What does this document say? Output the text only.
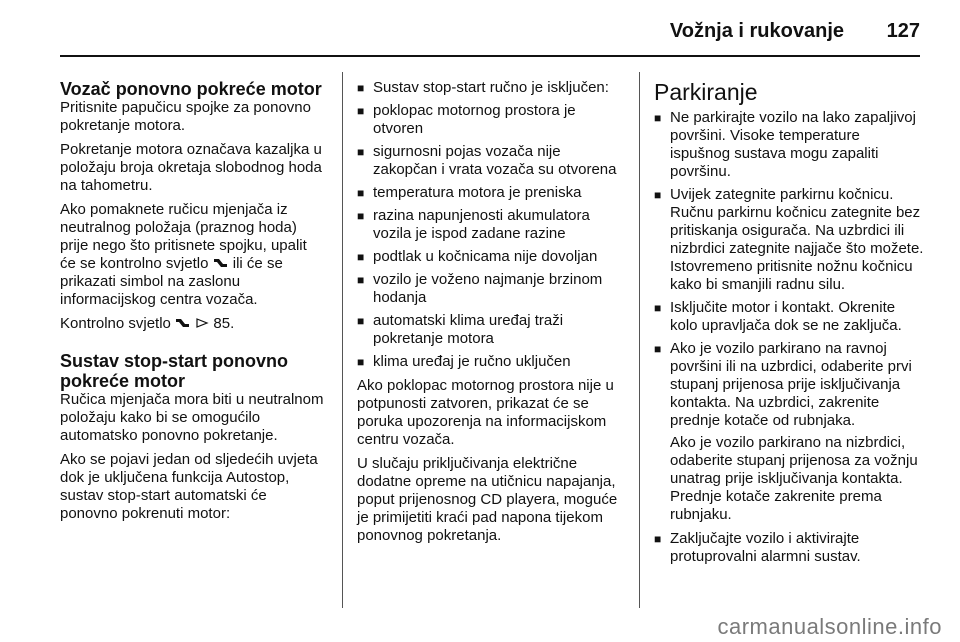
Vožnja i rukovanje 127
Vozač ponovno pokreće motor

Pritisnite papučicu spojke za ponovno pokretanje motora.

Pokretanje motora označava kazaljka u položaju broja okretaja slobodnog hoda na tahometru.

Ako pomaknete ručicu mjenjača iz neutralnog položaja (praznog hoda) prije nego što pritisnete spojku, upalit će se kontrolno svjetlo ili će se prikazati simbol na zaslonu informacijskog centra vozača.

Kontrolno svjetlo	85.

Sustav stop-start ponovno pokreće motor

Ručica mjenjača mora biti u neutralnom položaju kako bi se omogućilo automatsko ponovno pokretanje.

Ako se pojavi jedan od sljedećih uvjeta dok je uključena funkcija Autostop, sustav stop-start automatski će ponovno pokrenuti motor:

■ Sustav stop-start ručno je isključen:
■ poklopac motornog prostora je otvoren
■ sigurnosni pojas vozača nije zakopčan i vrata vozača su otvorena
■ temperatura motora je preniska
■ razina napunjenosti akumulatora vozila je ispod zadane razine
■ podtlak u kočnicama nije dovoljan
■ vozilo je voženo najmanje brzinom hodanja
■ automatski klima uređaj traži pokretanje motora
■ klima uređaj je ručno uključen

Ako poklopac motornog prostora nije u potpunosti zatvoren, prikazat će se poruka upozorenja na informacijskom centru vozača.

U slučaju priključivanja električne dodatne opreme na utičnicu napajanja, poput prijenosnog CD playera, moguće je primijetiti kraći pad napona tijekom ponovnog pokretanja.

Parkiranje
■ Ne parkirajte vozilo na lako zapaljivoj površini. Visoke temperature ispušnog sustava mogu zapaliti površinu.
■ Uvijek zategnite parkirnu kočnicu. Ručnu parkirnu kočnicu zategnite bez pritiskanja osigurača. Na uzbrdici ili nizbrdici zategnite najjače što možete. Istovremeno pritisnite nožnu kočnicu kako bi smanjili radnu silu.
■ Isključite motor i kontakt. Okrenite kolo upravljača dok se ne zaključa.
■ Ako je vozilo parkirano na ravnoj površini ili na uzbrdici, odaberite prvi stupanj prijenosa prije isključivanja kontakta. Na uzbrdici, zakrenite prednje kotače od rubnjaka.

Ako je vozilo parkirano na nizbrdici, odaberite stupanj prijenosa za vožnju unatrag prije isključivanja kontakta. Prednje kotače zakrenite prema rubnjaku.

■ Zaključajte vozilo i aktivirajte protuprovalni alarmni sustav.
carmanualsonline.info
